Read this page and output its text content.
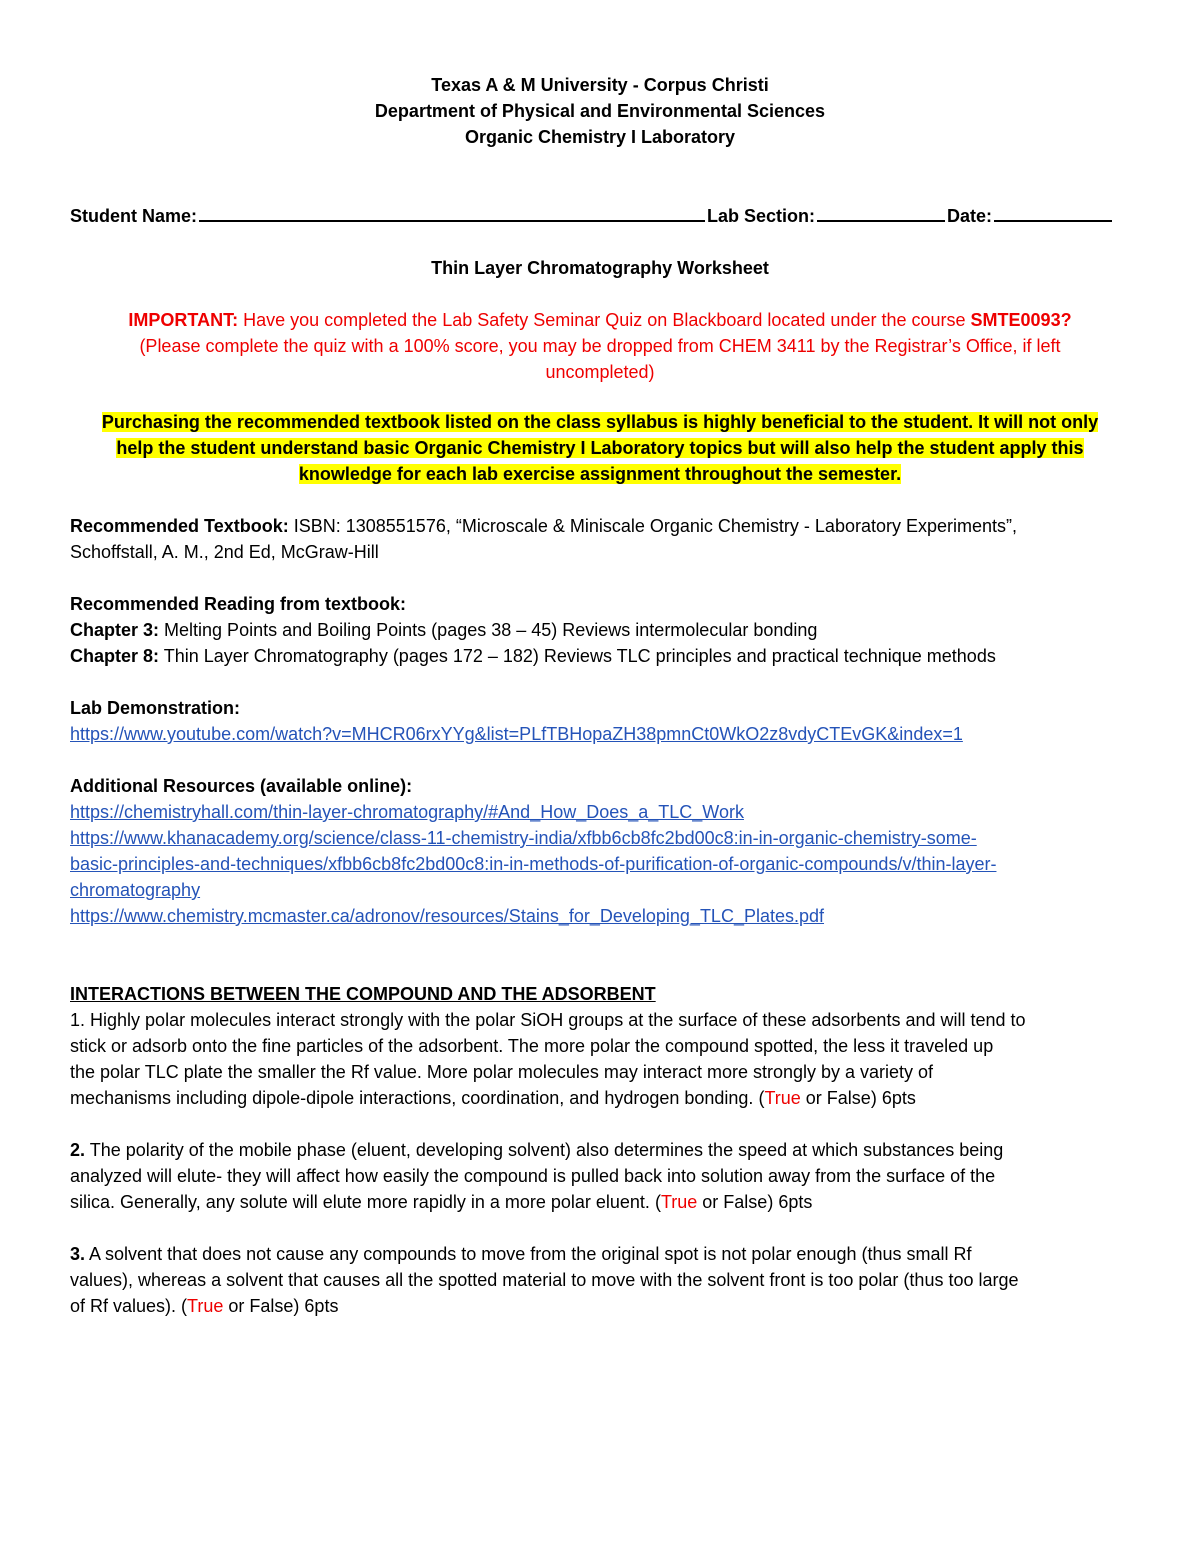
Texas A & M University - Corpus Christi
Department of Physical and Environmental Sciences
Organic Chemistry I Laboratory
Student Name:	Lab Section:	Date:
Thin Layer Chromatography Worksheet
IMPORTANT: Have you completed the Lab Safety Seminar Quiz on Blackboard located under the course SMTE0093?
(Please complete the quiz with a 100% score, you may be dropped from CHEM 3411 by the Registrar’s Office, if left
uncompleted)
Purchasing the recommended textbook listed on the class syllabus is highly beneficial to the student. It will not only
help the student understand basic Organic Chemistry I Laboratory topics but will also help the student apply this
knowledge for each lab exercise assignment throughout the semester.
Recommended Textbook: ISBN: 1308551576, “Microscale & Miniscale Organic Chemistry - Laboratory Experiments”,
Schoffstall, A. M., 2nd Ed, McGraw-Hill
Recommended Reading from textbook:
Chapter 3: Melting Points and Boiling Points (pages 38 – 45) Reviews intermolecular bonding
Chapter 8: Thin Layer Chromatography (pages 172 – 182) Reviews TLC principles and practical technique methods
Lab Demonstration:
https://www.youtube.com/watch?v=MHCR06rxYYg&list=PLfTBHopaZH38pmnCt0WkO2z8vdyCTEvGK&index=1
Additional Resources (available online):
https://chemistryhall.com/thin-layer-chromatography/#And_How_Does_a_TLC_Work
https://www.khanacademy.org/science/class-11-chemistry-india/xfbb6cb8fc2bd00c8:in-in-organic-chemistry-some-
basic-principles-and-techniques/xfbb6cb8fc2bd00c8:in-in-methods-of-purification-of-organic-compounds/v/thin-layer-
chromatography
https://www.chemistry.mcmaster.ca/adronov/resources/Stains_for_Developing_TLC_Plates.pdf
INTERACTIONS BETWEEN THE COMPOUND AND THE ADSORBENT
1. Highly polar molecules interact strongly with the polar SiOH groups at the surface of these adsorbents and will tend to
stick or adsorb onto the fine particles of the adsorbent. The more polar the compound spotted, the less it traveled up
the polar TLC plate the smaller the Rf value. More polar molecules may interact more strongly by a variety of
mechanisms including dipole-dipole interactions, coordination, and hydrogen bonding. (True or False) 6pts
2. The polarity of the mobile phase (eluent, developing solvent) also determines the speed at which substances being
analyzed will elute- they will affect how easily the compound is pulled back into solution away from the surface of the
silica. Generally, any solute will elute more rapidly in a more polar eluent. (True or False) 6pts
3. A solvent that does not cause any compounds to move from the original spot is not polar enough (thus small Rf
values), whereas a solvent that causes all the spotted material to move with the solvent front is too polar (thus too large
of Rf values). (True or False) 6pts
